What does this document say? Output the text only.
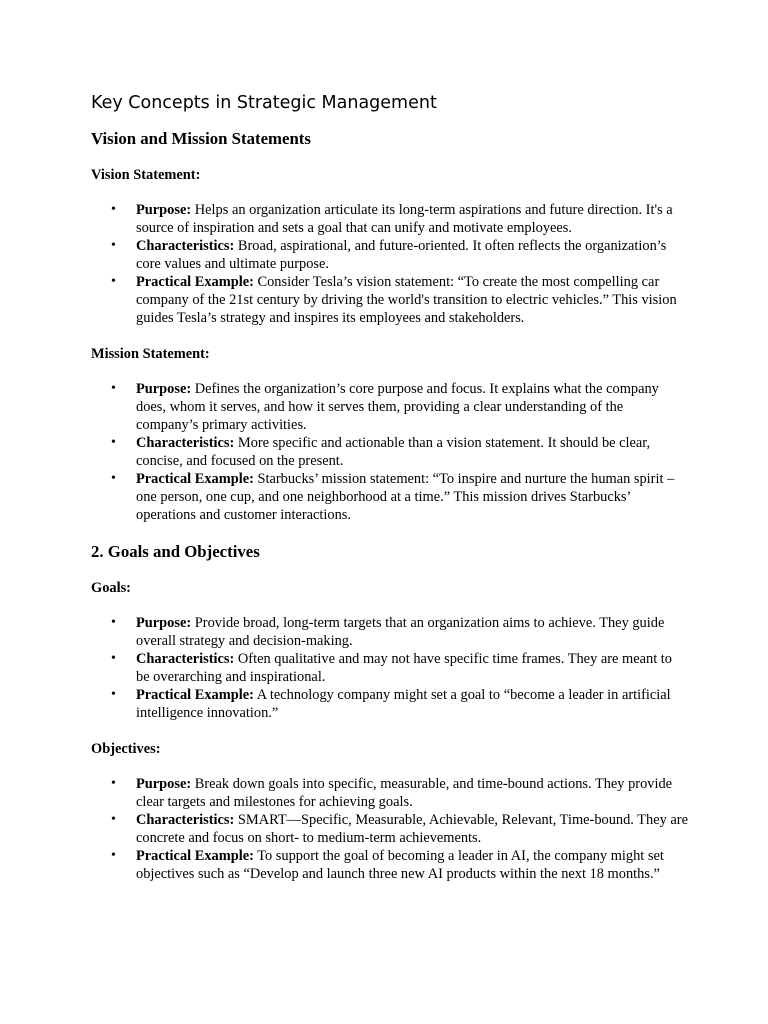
Key Concepts in Strategic Management
Vision and Mission Statements
Vision Statement:
• Purpose: Helps an organization articulate its long-term aspirations and future direction. It's a source of inspiration and sets a goal that can unify and motivate employees.
• Characteristics: Broad, aspirational, and future-oriented. It often reflects the organization’s core values and ultimate purpose.
• Practical Example: Consider Tesla’s vision statement: “To create the most compelling car company of the 21st century by driving the world's transition to electric vehicles.” This vision guides Tesla’s strategy and inspires its employees and stakeholders.
Mission Statement:
• Purpose: Defines the organization’s core purpose and focus. It explains what the company does, whom it serves, and how it serves them, providing a clear understanding of the company’s primary activities.
• Characteristics: More specific and actionable than a vision statement. It should be clear, concise, and focused on the present.
• Practical Example: Starbucks’ mission statement: “To inspire and nurture the human spirit – one person, one cup, and one neighborhood at a time.” This mission drives Starbucks’ operations and customer interactions.
2. Goals and Objectives
Goals:
• Purpose: Provide broad, long-term targets that an organization aims to achieve. They guide overall strategy and decision-making.
• Characteristics: Often qualitative and may not have specific time frames. They are meant to be overarching and inspirational.
• Practical Example: A technology company might set a goal to “become a leader in artificial intelligence innovation.”
Objectives:
• Purpose: Break down goals into specific, measurable, and time-bound actions. They provide clear targets and milestones for achieving goals.
• Characteristics: SMART—Specific, Measurable, Achievable, Relevant, Time-bound. They are concrete and focus on short- to medium-term achievements.
• Practical Example: To support the goal of becoming a leader in AI, the company might set objectives such as “Develop and launch three new AI products within the next 18 months.”
